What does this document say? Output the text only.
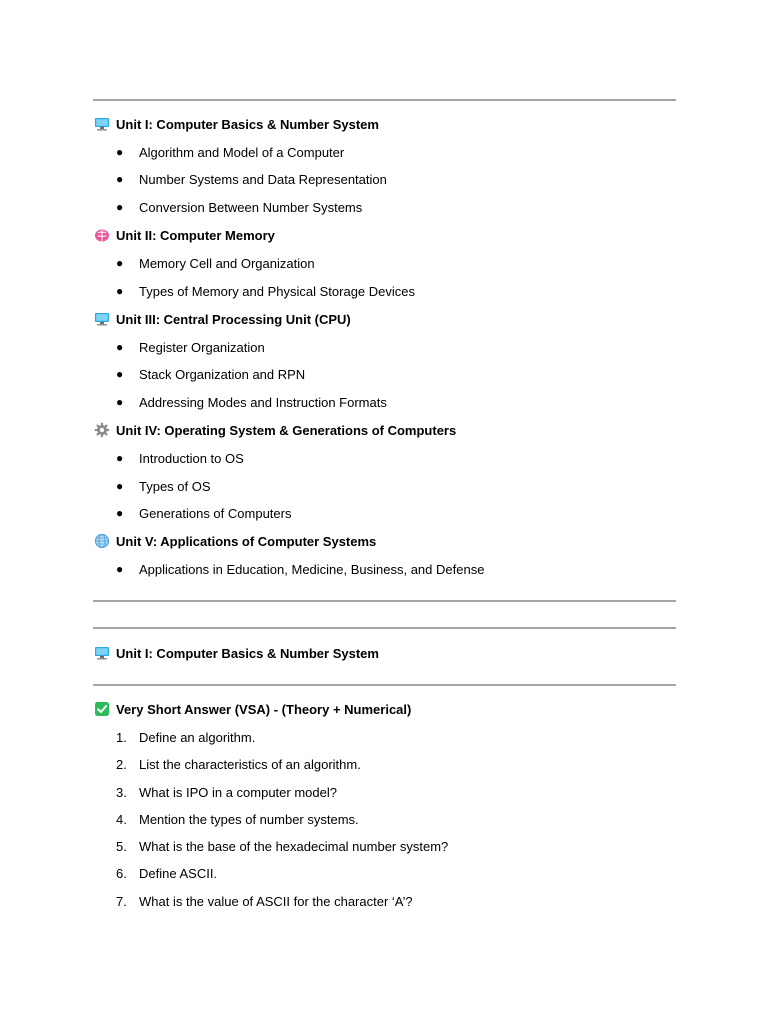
Unit I: Computer Basics & Number System
●	Algorithm and Model of a Computer
●	Number Systems and Data Representation
●	Conversion Between Number Systems
Unit II: Computer Memory
●	Memory Cell and Organization
●	Types of Memory and Physical Storage Devices
Unit III: Central Processing Unit (CPU)
●	Register Organization
●	Stack Organization and RPN
●	Addressing Modes and Instruction Formats
Unit IV: Operating System & Generations of Computers
●	Introduction to OS
●	Types of OS
●	Generations of Computers
Unit V: Applications of Computer Systems
●	Applications in Education, Medicine, Business, and Defense
Unit I: Computer Basics & Number System
Very Short Answer (VSA) - (Theory + Numerical)
1. Define an algorithm.
2. List the characteristics of an algorithm.
3. What is IPO in a computer model?
4. Mention the types of number systems.
5. What is the base of the hexadecimal number system?
6. Define ASCII.
7. What is the value of ASCII for the character ‘A’?
